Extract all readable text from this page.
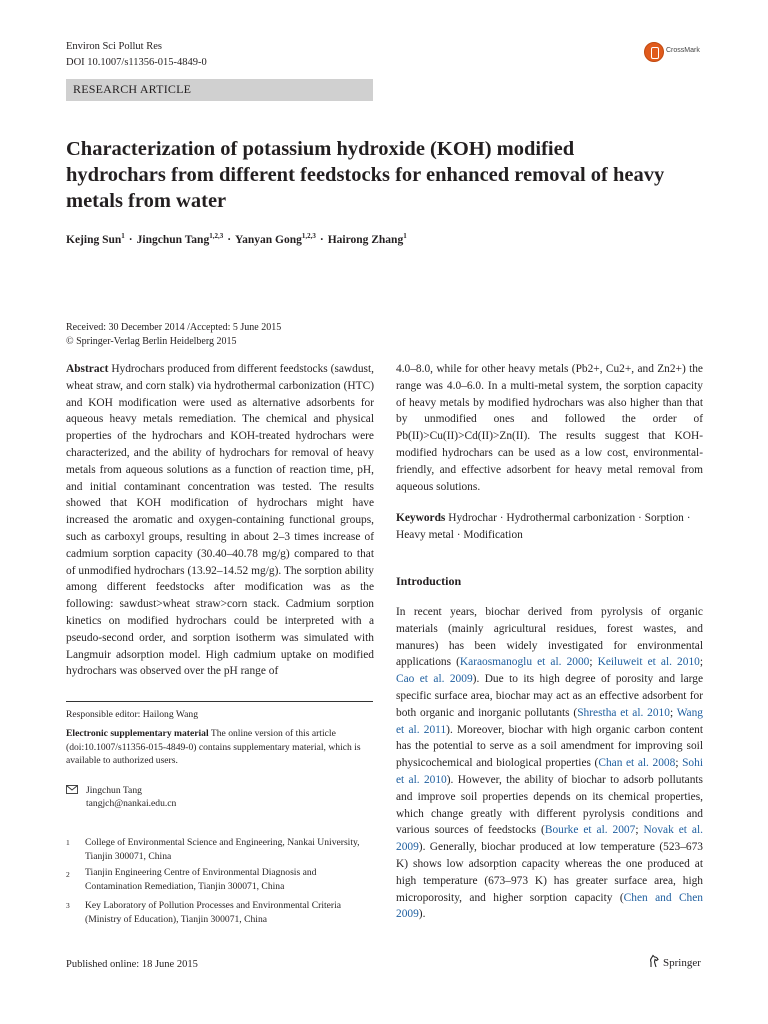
Environ Sci Pollut Res
DOI 10.1007/s11356-015-4849-0
CrossMark
RESEARCH ARTICLE
Characterization of potassium hydroxide (KOH) modified hydrochars from different feedstocks for enhanced removal of heavy metals from water
Kejing Sun$^1$ · Jingchun Tang$^{1,2,3}$ · Yanyan Gong$^{1,2,3}$ · Hairong Zhang$^1$
Received: 30 December 2014 /Accepted: 5 June 2015
© Springer-Verlag Berlin Heidelberg 2015
Abstract Hydrochars produced from different feedstocks (sawdust, wheat straw, and corn stalk) via hydrothermal carbonization (HTC) and KOH modification were used as alternative adsorbents for aqueous heavy metals remediation. The chemical and physical properties of the hydrochars and KOH-treated hydrochars were characterized, and the ability of hydrochars for removal of heavy metals from aqueous solutions as a function of reaction time, pH, and initial contaminant concentration was tested. The results showed that KOH modification of hydrochars might have increased the aromatic and oxygen-containing functional groups, such as carboxyl groups, resulting in about 2–3 times increase of cadmium sorption capacity (30.40–40.78 mg/g) compared to that of unmodified hydrochars (13.92–14.52 mg/g). The sorption ability among different feedstocks after modification was as the following: sawdust>wheat straw>corn stack. Cadmium sorption kinetics on modified hydrochars could be interpreted with a pseudo-second order, and sorption isotherm was simulated with Langmuir adsorption model. High cadmium uptake on modified hydrochars was observed over the pH range of
4.0–8.0, while for other heavy metals (Pb2+, Cu2+, and Zn2+) the range was 4.0–6.0. In a multi-metal system, the sorption capacity of heavy metals by modified hydrochars was also higher than that by unmodified ones and followed the order of Pb(II)>Cu(II)>Cd(II)>Zn(II). The results suggest that KOH-modified hydrochars can be used as a low cost, environmental-friendly, and effective adsorbent for heavy metal removal from aqueous solutions.
Keywords Hydrochar · Hydrothermal carbonization · Sorption · Heavy metal · Modification
Introduction
In recent years, biochar derived from pyrolysis of organic materials (mainly agricultural residues, forest wastes, and manures) has been widely investigated for environmental applications (Karaosmanoglu et al. 2000; Keiluweit et al. 2010; Cao et al. 2009). Due to its high degree of porosity and large specific surface area, biochar may act as an effective adsorbent for both organic and inorganic pollutants (Shrestha et al. 2010; Wang et al. 2011). Moreover, biochar with high organic carbon content has the potential to serve as a soil amendment for improving soil physicochemical and biological properties (Chan et al. 2008; Sohi et al. 2010). However, the ability of biochar to adsorb pollutants and improve soil properties depends on its chemical properties, which change greatly with different pyrolysis conditions and various sources of feedstocks (Bourke et al. 2007; Novak et al. 2009). Generally, biochar produced at low temperature (523–673 K) shows low adsorption capacity whereas the one produced at high temperature (673–973 K) has greater surface area, high microporosity, and higher sorption capacity (Chen and Chen 2009).
Responsible editor: Hailong Wang
Electronic supplementary material The online version of this article (doi:10.1007/s11356-015-4849-0) contains supplementary material, which is available to authorized users.
Jingchun Tang
tangjch@nankai.edu.cn
1 College of Environmental Science and Engineering, Nankai University, Tianjin 300071, China
2 Tianjin Engineering Centre of Environmental Diagnosis and Contamination Remediation, Tianjin 300071, China
3 Key Laboratory of Pollution Processes and Environmental Criteria (Ministry of Education), Tianjin 300071, China
Published online: 18 June 2015	Springer
